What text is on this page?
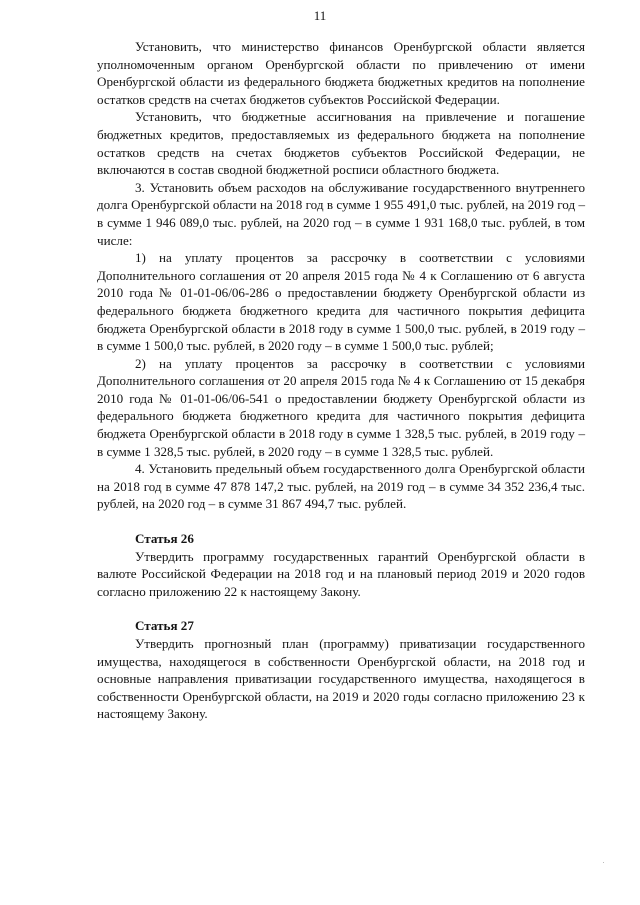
11

Установить, что министерство финансов Оренбургской области является уполномоченным органом Оренбургской области по привлечению от имени Оренбургской области из федерального бюджета бюджетных кредитов на пополнение остатков средств на счетах бюджетов субъектов Российской Федерации.

Установить, что бюджетные ассигнования на привлечение и погашение бюджетных кредитов, предоставляемых из федерального бюджета на пополнение остатков средств на счетах бюджетов субъектов Российской Федерации, не включаются в состав сводной бюджетной росписи областного бюджета.

3. Установить объем расходов на обслуживание государственного внутреннего долга Оренбургской области на 2018 год в сумме 1 955 491,0 тыс. рублей, на 2019 год – в сумме 1 946 089,0 тыс. рублей, на 2020 год – в сумме 1 931 168,0 тыс. рублей, в том числе:

1) на уплату процентов за рассрочку в соответствии с условиями Дополнительного соглашения от 20 апреля 2015 года № 4 к Соглашению от 6 августа 2010 года № 01-01-06/06-286 о предоставлении бюджету Оренбургской области из федерального бюджета бюджетного кредита для частичного покрытия дефицита бюджета Оренбургской области в 2018 году в сумме 1 500,0 тыс. рублей, в 2019 году – в сумме 1 500,0 тыс. рублей, в 2020 году – в сумме 1 500,0 тыс. рублей;

2) на уплату процентов за рассрочку в соответствии с условиями Дополнительного соглашения от 20 апреля 2015 года № 4 к Соглашению от 15 декабря 2010 года № 01-01-06/06-541 о предоставлении бюджету Оренбургской области из федерального бюджета бюджетного кредита для частичного покрытия дефицита бюджета Оренбургской области в 2018 году в сумме 1 328,5 тыс. рублей, в 2019 году – в сумме 1 328,5 тыс. рублей, в 2020 году – в сумме 1 328,5 тыс. рублей.

4. Установить предельный объем государственного долга Оренбургской области на 2018 год в сумме 47 878 147,2 тыс. рублей, на 2019 год – в сумме 34 352 236,4 тыс. рублей, на 2020 год – в сумме 31 867 494,7 тыс. рублей.

Статья 26

Утвердить программу государственных гарантий Оренбургской области в валюте Российской Федерации на 2018 год и на плановый период 2019 и 2020 годов согласно приложению 22 к настоящему Закону.

Статья 27

Утвердить прогнозный план (программу) приватизации государственного имущества, находящегося в собственности Оренбургской области, на 2018 год и основные направления приватизации государственного имущества, находящегося в собственности Оренбургской области, на 2019 и 2020 годы согласно приложению 23 к настоящему Закону.
